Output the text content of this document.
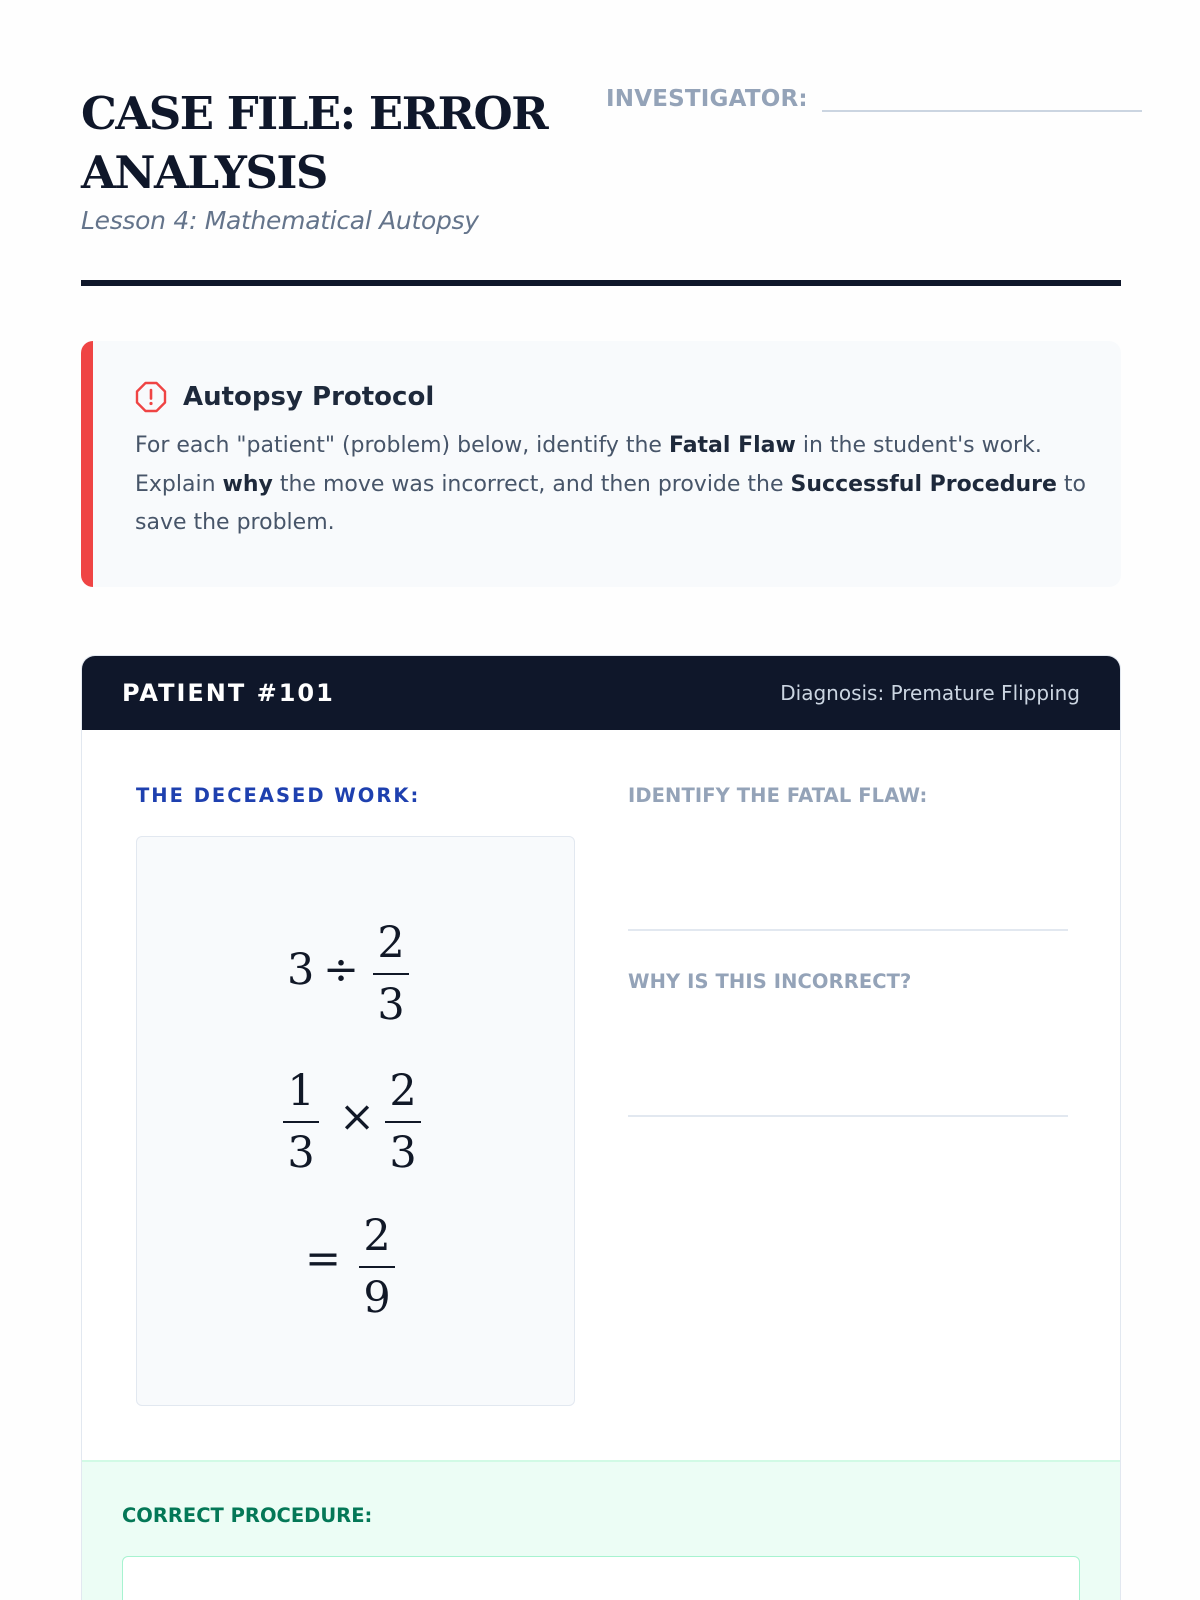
CASE FILE: ERROR ANALYSIS
Lesson 4: Mathematical Autopsy
INVESTIGATOR:
Autopsy Protocol

For each "patient" (problem) below, identify the Fatal Flaw in the student's work. Explain why the move was incorrect, and then provide the Successful Procedure to save the problem.

PATIENT #101	Diagnosis: Premature Flipping
THE DECEASED WORK:
3 ÷
2
3
1
3
×
2
3
= 2
9
IDENTIFY THE FATAL FLAW:
WHY IS THIS INCORRECT?
CORRECT PROCEDURE:
